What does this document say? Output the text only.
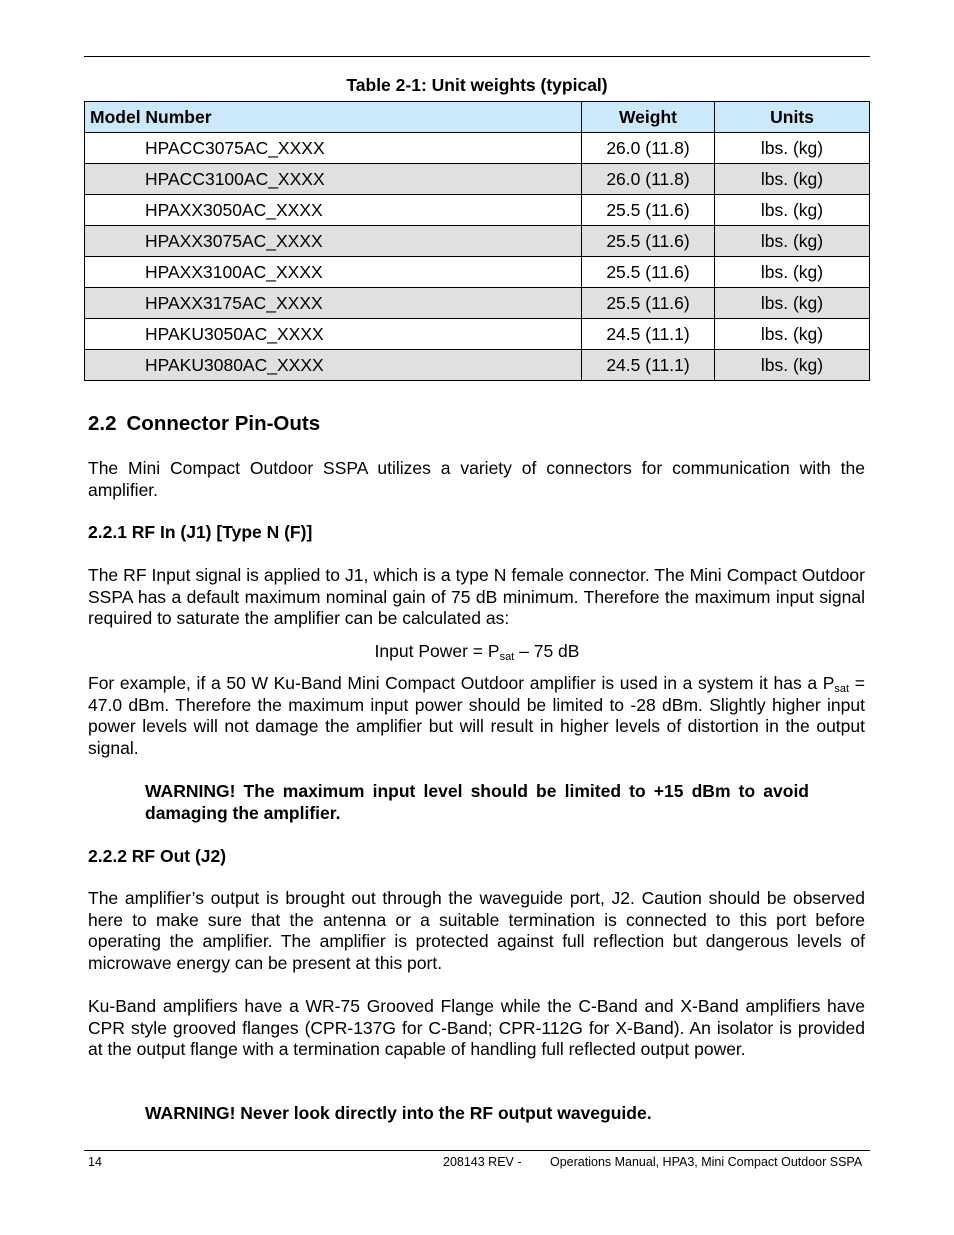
Table 2-1: Unit weights (typical)
Model Number	Weight	Units
HPACC3075AC_XXXX	26.0 (11.8)	lbs. (kg)
HPACC3100AC_XXXX	26.0 (11.8)	lbs. (kg)
HPAXX3050AC_XXXX	25.5 (11.6)	lbs. (kg)
HPAXX3075AC_XXXX	25.5 (11.6)	lbs. (kg)
HPAXX3100AC_XXXX	25.5 (11.6)	lbs. (kg)
HPAXX3175AC_XXXX	25.5 (11.6)	lbs. (kg)
HPAKU3050AC_XXXX	24.5 (11.1)	lbs. (kg)
HPAKU3080AC_XXXX	24.5 (11.1)	lbs. (kg)
2.2 Connector Pin-Outs

The Mini Compact Outdoor SSPA utilizes a variety of connectors for communication with the amplifier.

2.2.1 RF In (J1) [Type N (F)]

The RF Input signal is applied to J1, which is a type N female connector. The Mini Compact Outdoor SSPA has a default maximum nominal gain of 75 dB minimum. Therefore the maximum input signal required to saturate the amplifier can be calculated as:

Input Power = $P_{sat} - 75$ dB

For example, if a 50 W Ku-Band Mini Compact Outdoor amplifier is used in a system it has a $P_{sat} = 47.0$ dBm. Therefore the maximum input power should be limited to -28 dBm. Slightly higher input power levels will not damage the amplifier but will result in higher levels of distortion in the output signal.

WARNING! The maximum input level should be limited to +15 dBm to avoid damaging the amplifier.

2.2.2 RF Out (J2)

The amplifier’s output is brought out through the waveguide port, J2. Caution should be observed here to make sure that the antenna or a suitable termination is connected to this port before operating the amplifier. The amplifier is protected against full reflection but dangerous levels of microwave energy can be present at this port.

Ku-Band amplifiers have a WR-75 Grooved Flange while the C-Band and X-Band amplifiers have CPR style grooved flanges (CPR-137G for C-Band; CPR-112G for X-Band). An isolator is provided at the output flange with a termination capable of handling full reflected output power.

WARNING! Never look directly into the RF output waveguide.

14	208143 REV - Operations Manual, HPA3, Mini Compact Outdoor SSPA
